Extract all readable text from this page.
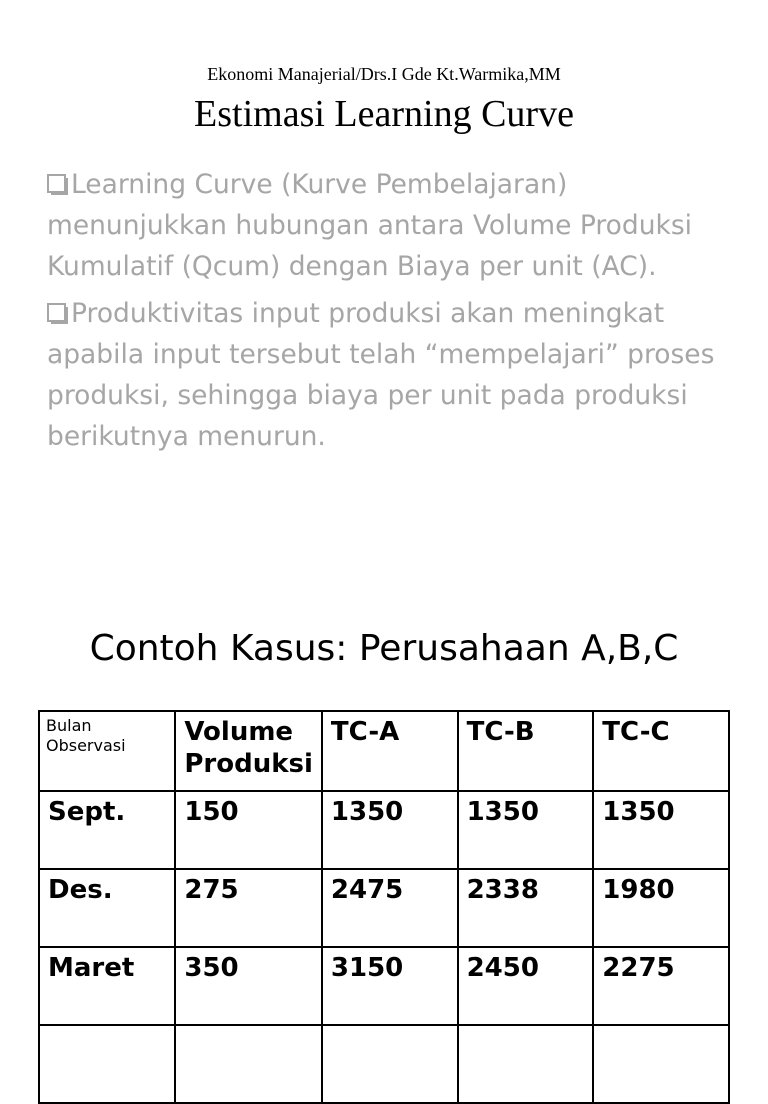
Ekonomi Manajerial/Drs.I Gde Kt.Warmika,MM
Estimasi Learning Curve
Learning Curve (Kurve Pembelajaran) menunjukkan hubungan antara Volume Produksi Kumulatif (Qcum) dengan Biaya per unit (AC).
Produktivitas input produksi akan meningkat apabila input tersebut telah “mempelajari” proses produksi, sehingga biaya per unit pada produksi berikutnya menurun.
Contoh Kasus: Perusahaan A,B,C
Bulan Observasi	Volume Produksi	TC-A	TC-B	TC-C
Sept.	150	1350	1350	1350
Des.	275	2475	2338	1980
Maret	350	3150	2450	2275
